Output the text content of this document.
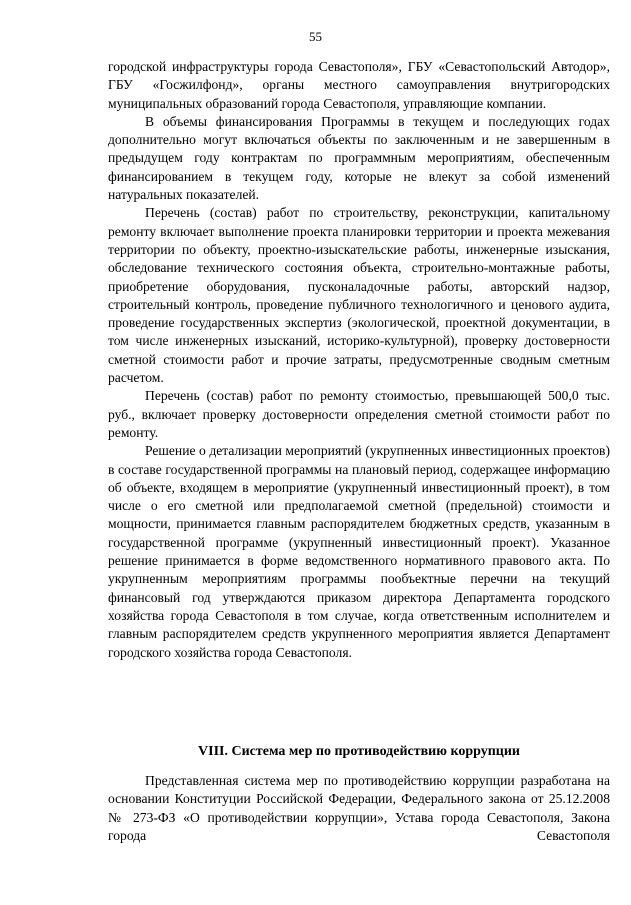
55

городской инфраструктуры города Севастополя», ГБУ «Севастопольский Автодор», ГБУ «Госжилфонд», органы местного самоуправления внутригородских муниципальных образований города Севастополя, управляющие компании.

В объемы финансирования Программы в текущем и последующих годах дополнительно могут включаться объекты по заключенным и не завершенным в предыдущем году контрактам по программным мероприятиям, обеспеченным финансированием в текущем году, которые не влекут за собой изменений натуральных показателей.

Перечень (состав) работ по строительству, реконструкции, капитальному ремонту включает выполнение проекта планировки территории и проекта межевания территории по объекту, проектно-изыскательские работы, инженерные изыскания, обследование технического состояния объекта, строительно-монтажные работы, приобретение оборудования, пусконаладочные работы, авторский надзор, строительный контроль, проведение публичного технологичного и ценового аудита, проведение государственных экспертиз (экологической, проектной документации, в том числе инженерных изысканий, историко-культурной), проверку достоверности сметной стоимости работ и прочие затраты, предусмотренные сводным сметным расчетом.

Перечень (состав) работ по ремонту стоимостью, превышающей 500,0 тыс. руб., включает проверку достоверности определения сметной стоимости работ по ремонту.

Решение о детализации мероприятий (укрупненных инвестиционных проектов) в составе государственной программы на плановый период, содержащее информацию об объекте, входящем в мероприятие (укрупненный инвестиционный проект), в том числе о его сметной или предполагаемой сметной (предельной) стоимости и мощности, принимается главным распорядителем бюджетных средств, указанным в государственной программе (укрупненный инвестиционный проект). Указанное решение принимается в форме ведомственного нормативного правового акта. По укрупненным мероприятиям программы пообъектные перечни на текущий финансовый год утверждаются приказом директора Департамента городского хозяйства города Севастополя в том случае, когда ответственным исполнителем и главным распорядителем средств укрупненного мероприятия является Департамент городского хозяйства города Севастополя.

VIII. Система мер по противодействию коррупции

Представленная система мер по противодействию коррупции разработана на основании Конституции Российской Федерации, Федерального закона от 25.12.2008 № 273-ФЗ «О противодействии коррупции», Устава города Севастополя, Закона города Севастополя
